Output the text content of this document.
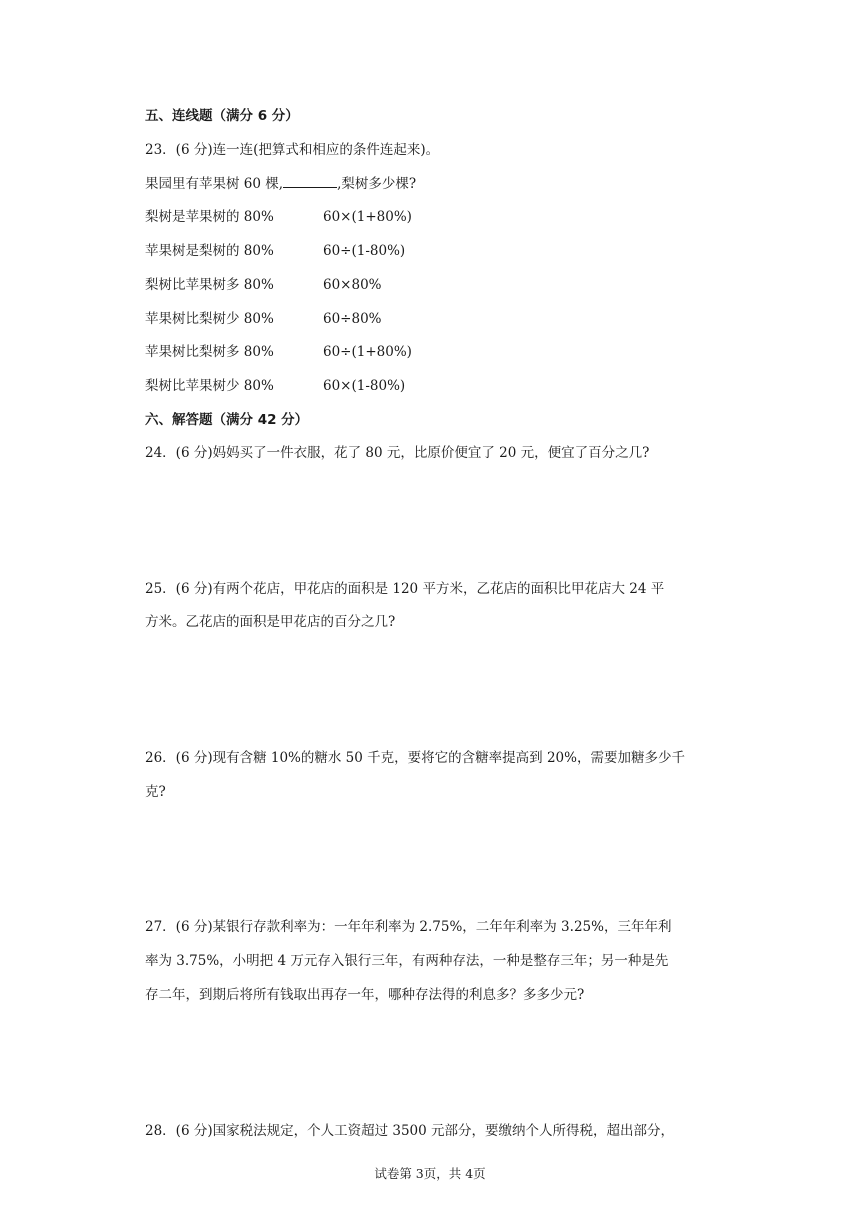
五、连线题（满分 6 分）
23．(6 分)连一连(把算式和相应的条件连起来)。
果园里有苹果树 60 棵,	,梨树多少棵?
梨树是苹果树的 80%	60×(1+80%)
苹果树是梨树的 80%	60÷(1-80%)
梨树比苹果树多 80%	60×80%
苹果树比梨树少 80%	60÷80%
苹果树比梨树多 80%	60÷(1+80%)
梨树比苹果树少 80%	60×(1-80%)
六、解答题（满分 42 分）
24．(6 分)妈妈买了一件衣服，花了 80 元，比原价便宜了 20 元，便宜了百分之几?
25．(6 分)有两个花店，甲花店的面积是 120 平方米，乙花店的面积比甲花店大 24 平
方米。乙花店的面积是甲花店的百分之几?
26．(6 分)现有含糖 10%的糖水 50 千克，要将它的含糖率提高到 20%，需要加糖多少千
克?
27．(6 分)某银行存款利率为：一年年利率为 2.75%，二年年利率为 3.25%，三年年利
率为 3.75%，小明把 4 万元存入银行三年，有两种存法，一种是整存三年；另一种是先
存二年，到期后将所有钱取出再存一年，哪种存法得的利息多？多多少元?
28．(6 分)国家税法规定，个人工资超过 3500 元部分，要缴纳个人所得税，超出部分，
试卷第 3页，共 4页
